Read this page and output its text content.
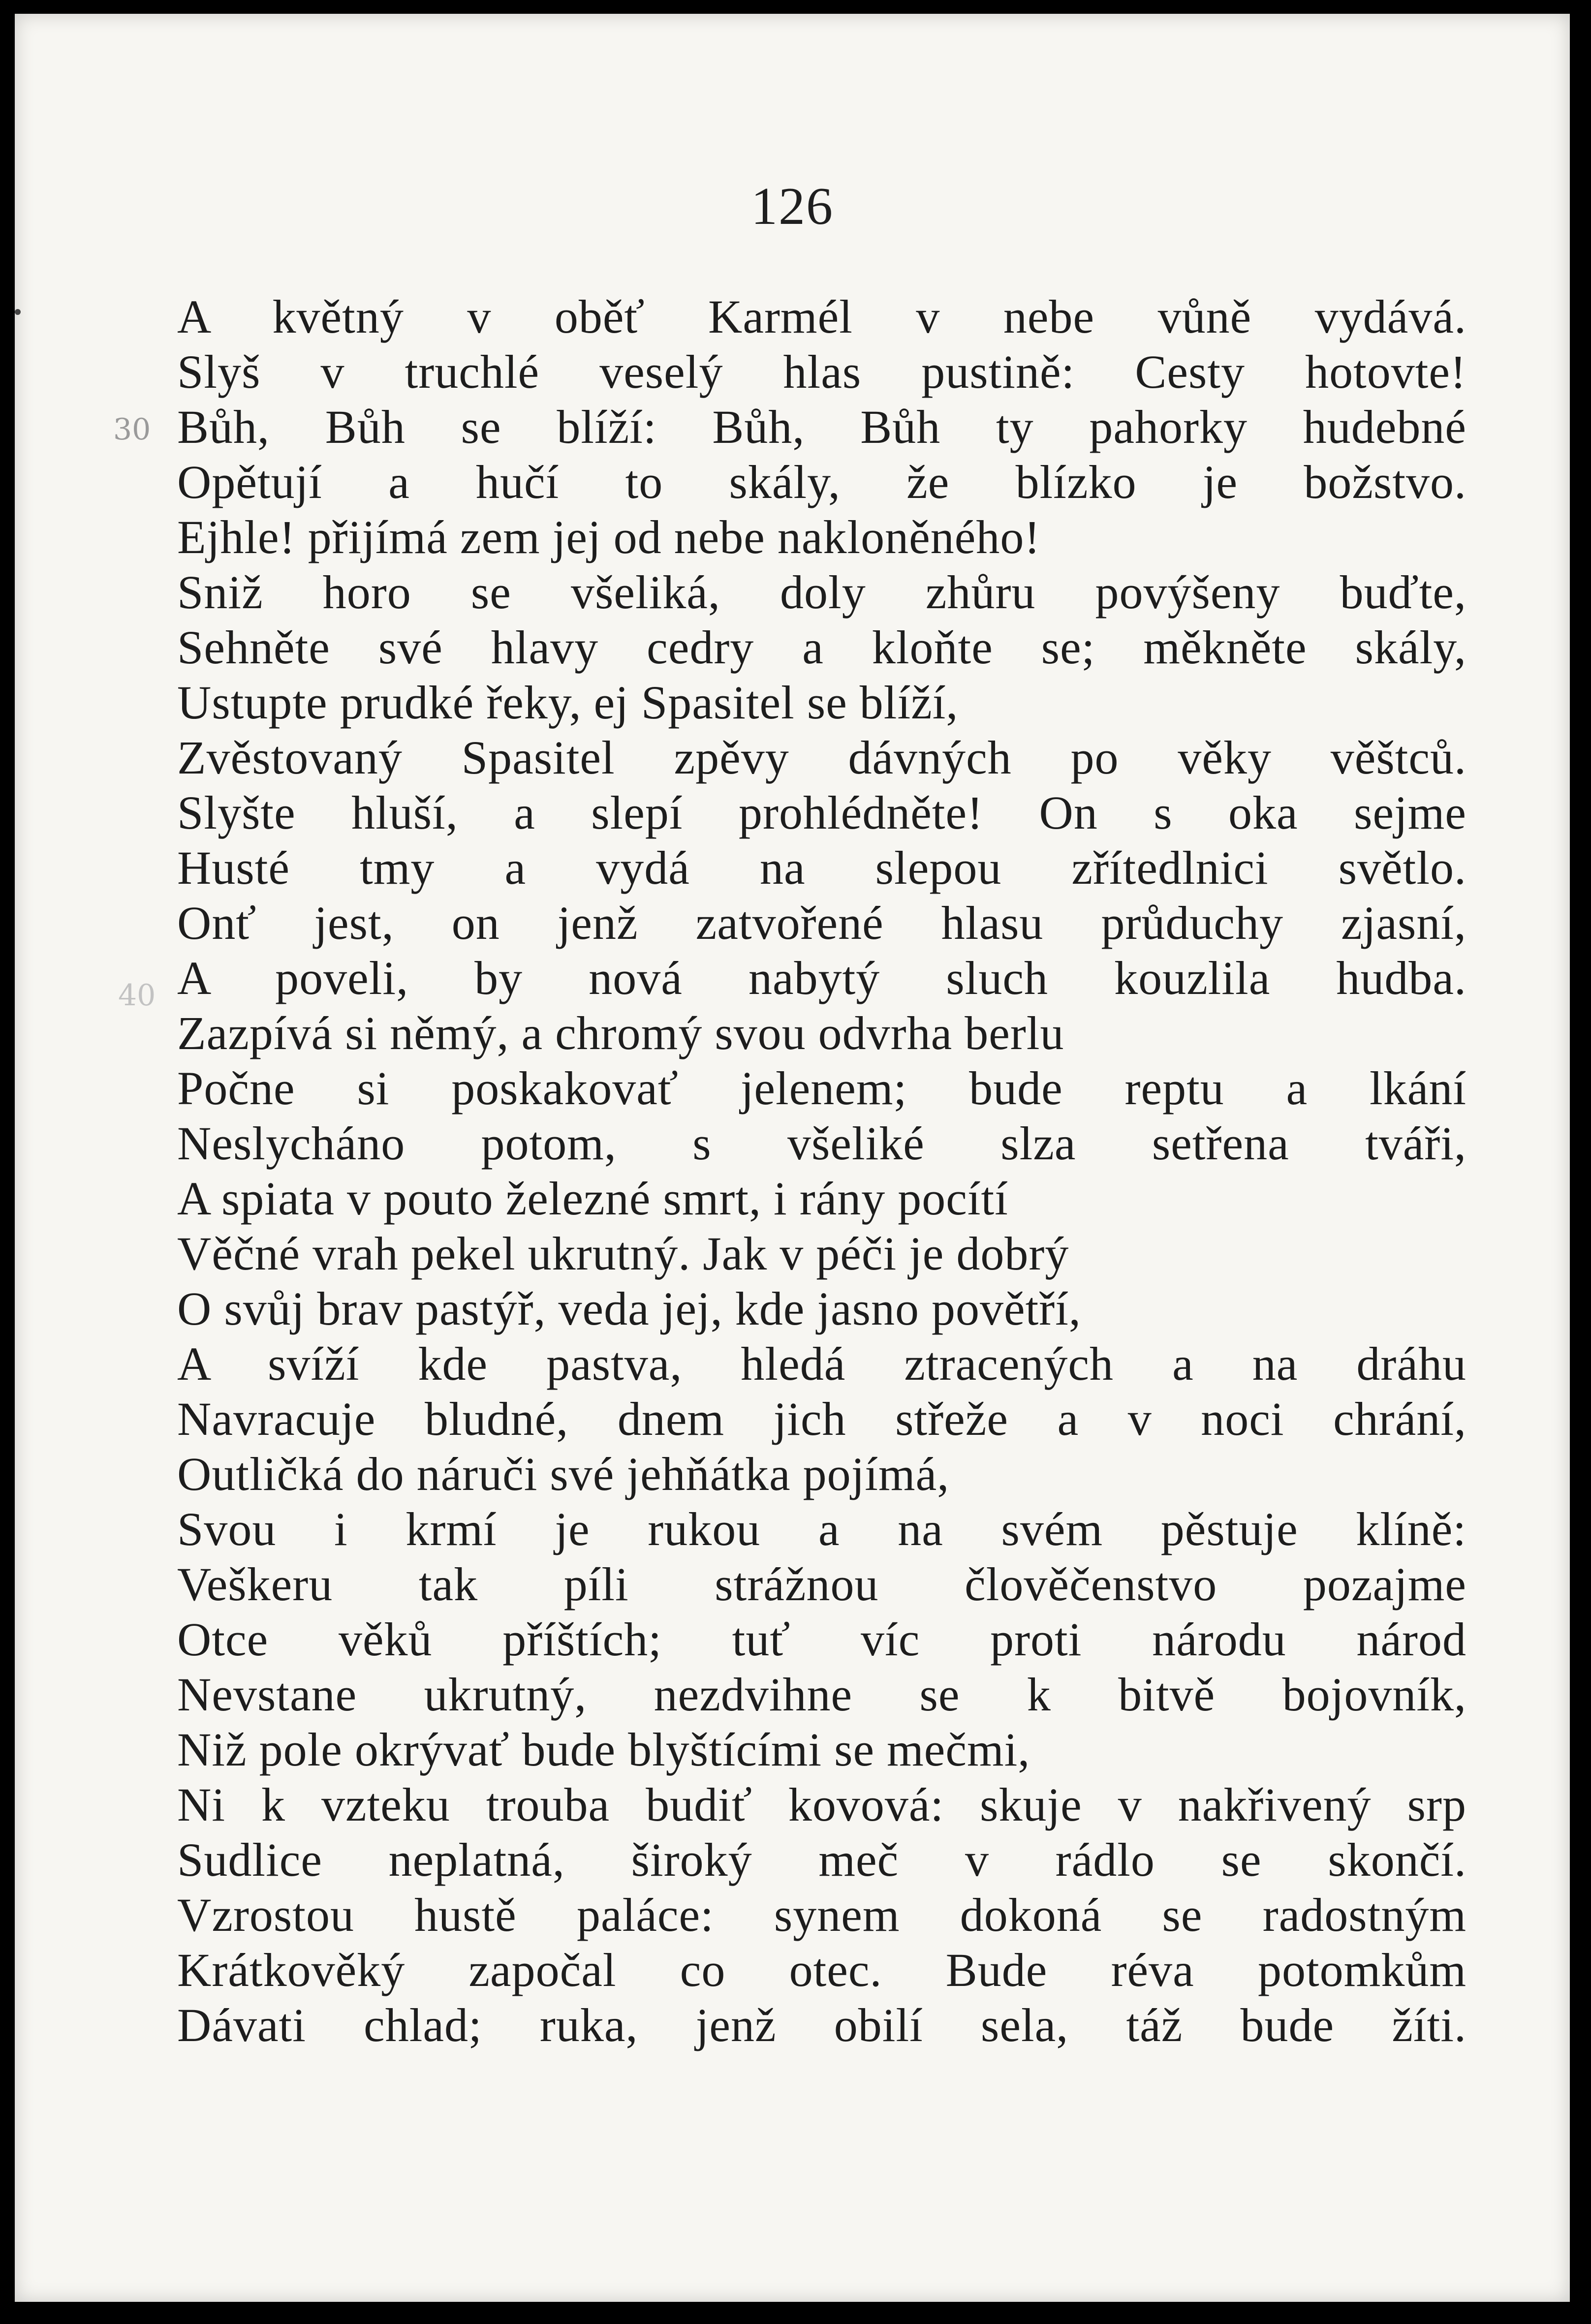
126
30
40
A květný v oběť Karmél v nebe vůně vydává.
Slyš v truchlé veselý hlas pustině: Cesty hotovte!
Bůh, Bůh se blíží: Bůh, Bůh ty pahorky hudebné
Opětují a hučí to skály, že blízko je božstvo.
Ejhle! přijímá zem jej od nebe nakloněného!
Sniž horo se všeliká, doly zhůru povýšeny buďte,
Sehněte své hlavy cedry a kloňte se; měkněte skály,
Ustupte prudké řeky, ej Spasitel se blíží,
Zvěstovaný Spasitel zpěvy dávných po věky věštců.
Slyšte hluší, a slepí prohlédněte! On s oka sejme
Husté tmy a vydá na slepou zřítedlnici světlo.
Onť jest, on jenž zatvořené hlasu průduchy zjasní,
A poveli, by nová nabytý sluch kouzlila hudba.
Zazpívá si němý, a chromý svou odvrha berlu
Počne si poskakovať jelenem; bude reptu a lkání
Neslycháno potom, s všeliké slza setřena tváři,
A spiata v pouto železné smrt, i rány pocítí
Věčné vrah pekel ukrutný. Jak v péči je dobrý
O svůj brav pastýř, veda jej, kde jasno povětří,
A svíží kde pastva, hledá ztracených a na dráhu
Navracuje bludné, dnem jich střeže a v noci chrání,
Outličká do náruči své jehňátka pojímá,
Svou i krmí je rukou a na svém pěstuje klíně:
Veškeru tak píli strážnou člověčenstvo pozajme
Otce věků příštích; tuť víc proti národu národ
Nevstane ukrutný, nezdvihne se k bitvě bojovník,
Niž pole okrývať bude blyštícími se mečmi,
Ni k vzteku trouba budiť kovová: skuje v nakřivený srp
Sudlice neplatná, široký meč v rádlo se skončí.
Vzrostou hustě paláce: synem dokoná se radostným
Krátkověký započal co otec. Bude réva potomkům
Dávati chlad; ruka, jenž obilí sela, táž bude žíti.
